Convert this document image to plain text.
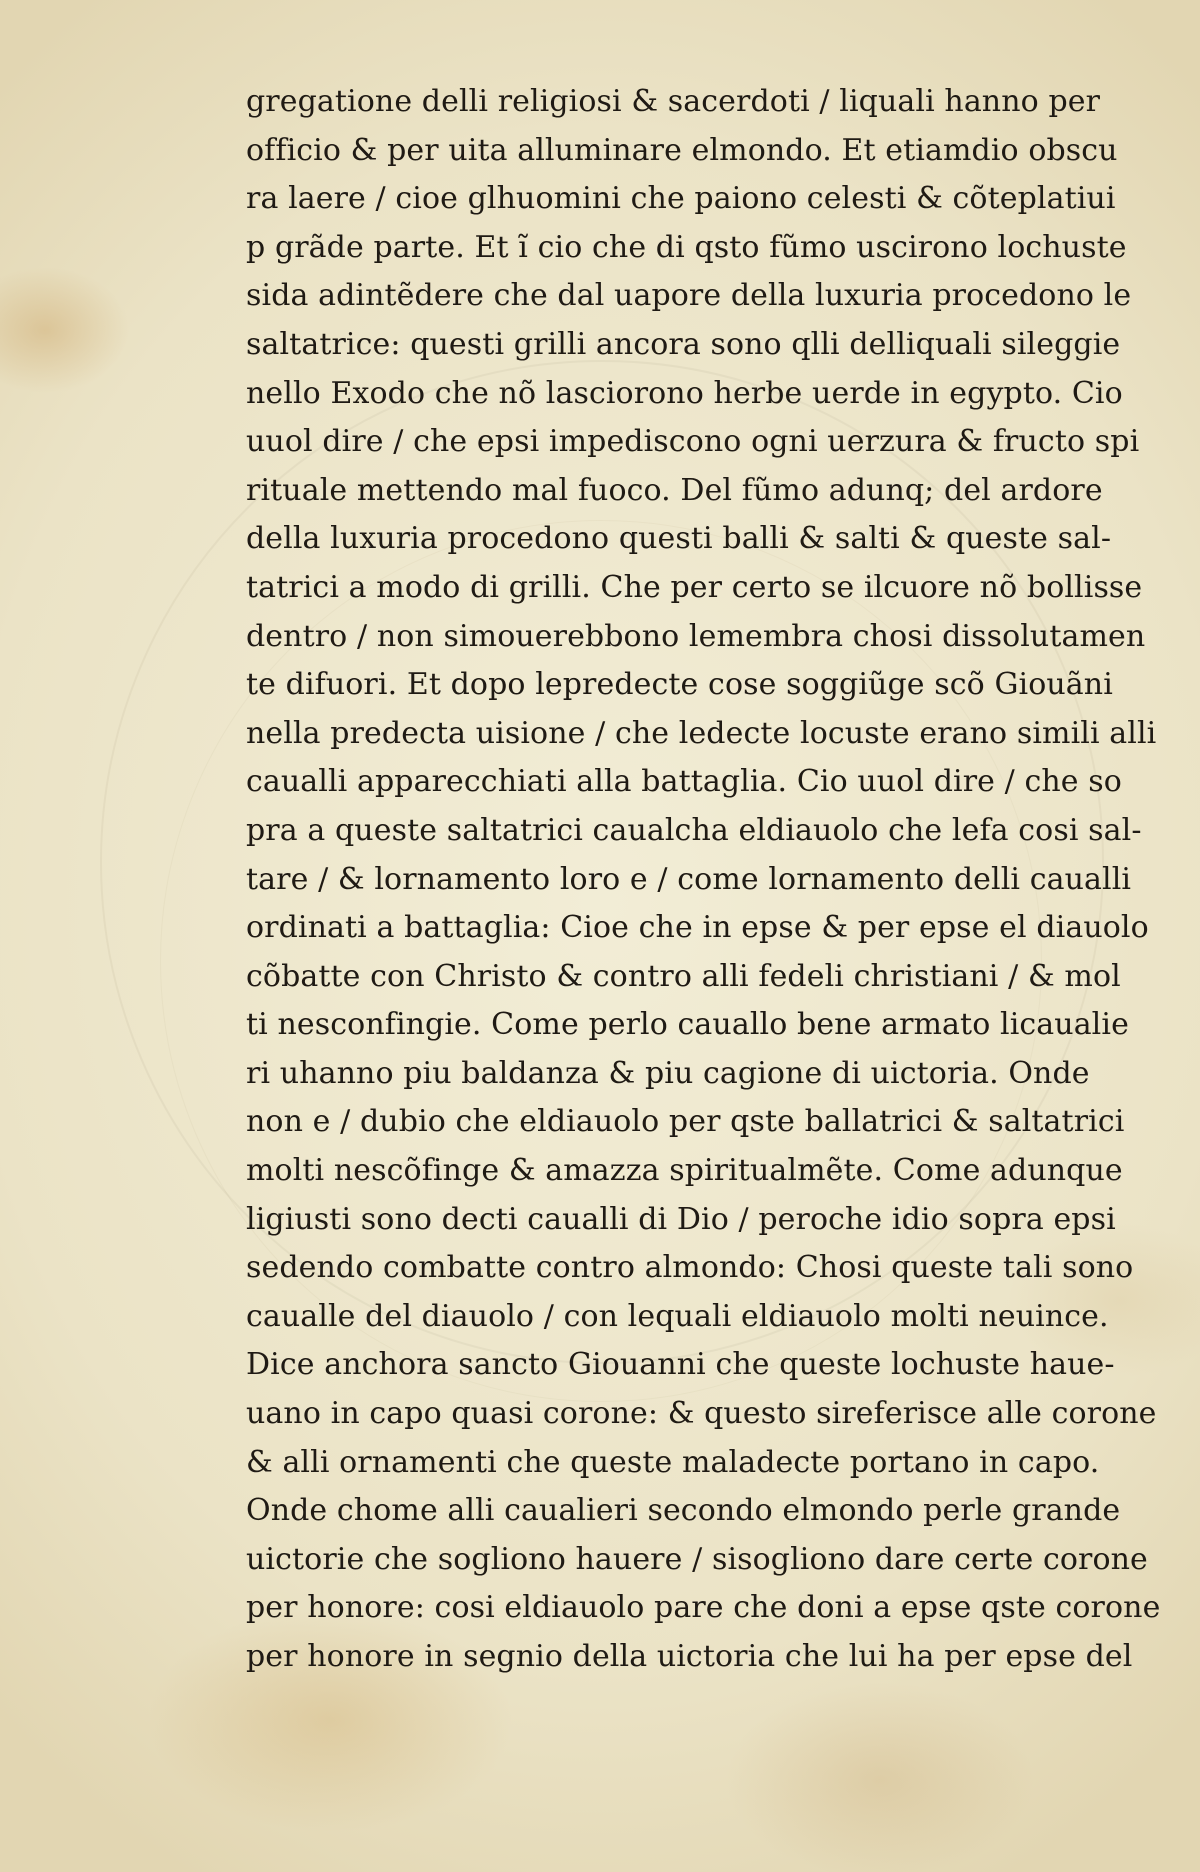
gregatione delli religiosi & sacerdoti / liquali hanno per
officio & per uita alluminare elmondo. Et etiamdio obscu
ra laere / cioe glhuomini che paiono celesti & cõteplatiui
p grãde parte. Et ĩ cio che di qsto fũmo uscirono lochuste
sida adintẽdere che dal uapore della luxuria procedono le
saltatrice: questi grilli ancora sono qlli delliquali sileggie
nello Exodo che nõ lasciorono herbe uerde in egypto. Cio
uuol dire / che epsi impediscono ogni uerzura & fructo spi
rituale mettendo mal fuoco. Del fũmo adunq; del ardore
della luxuria procedono questi balli & salti & queste sal-
tatrici a modo di grilli. Che per certo se ilcuore nõ bollisse
dentro / non simouerebbono lemembra chosi dissolutamen
te difuori. Et dopo lepredecte cose soggiũge scõ Giouãni
nella predecta uisione / che ledecte locuste erano simili alli
caualli apparecchiati alla battaglia. Cio uuol dire / che so
pra a queste saltatrici caualcha eldiauolo che lefa cosi sal-
tare / & lornamento loro e / come lornamento delli caualli
ordinati a battaglia: Cioe che in epse & per epse el diauolo
cõbatte con Christo & contro alli fedeli christiani / & mol
ti nesconfingie. Come perlo cauallo bene armato licaualie
ri uhanno piu baldanza & piu cagione di uictoria. Onde
non e / dubio che eldiauolo per qste ballatrici & saltatrici
molti nescõfinge & amazza spiritualmẽte. Come adunque
ligiusti sono decti caualli di Dio / peroche idio sopra epsi
sedendo combatte contro almondo: Chosi queste tali sono
caualle del diauolo / con lequali eldiauolo molti neuince.
Dice anchora sancto Giouanni che queste lochuste haue-
uano in capo quasi corone: & questo sireferisce alle corone
& alli ornamenti che queste maladecte portano in capo.
Onde chome alli caualieri secondo elmondo perle grande
uictorie che sogliono hauere / sisogliono dare certe corone
per honore: cosi eldiauolo pare che doni a epse qste corone
per honore in segnio della uictoria che lui ha per epse del
